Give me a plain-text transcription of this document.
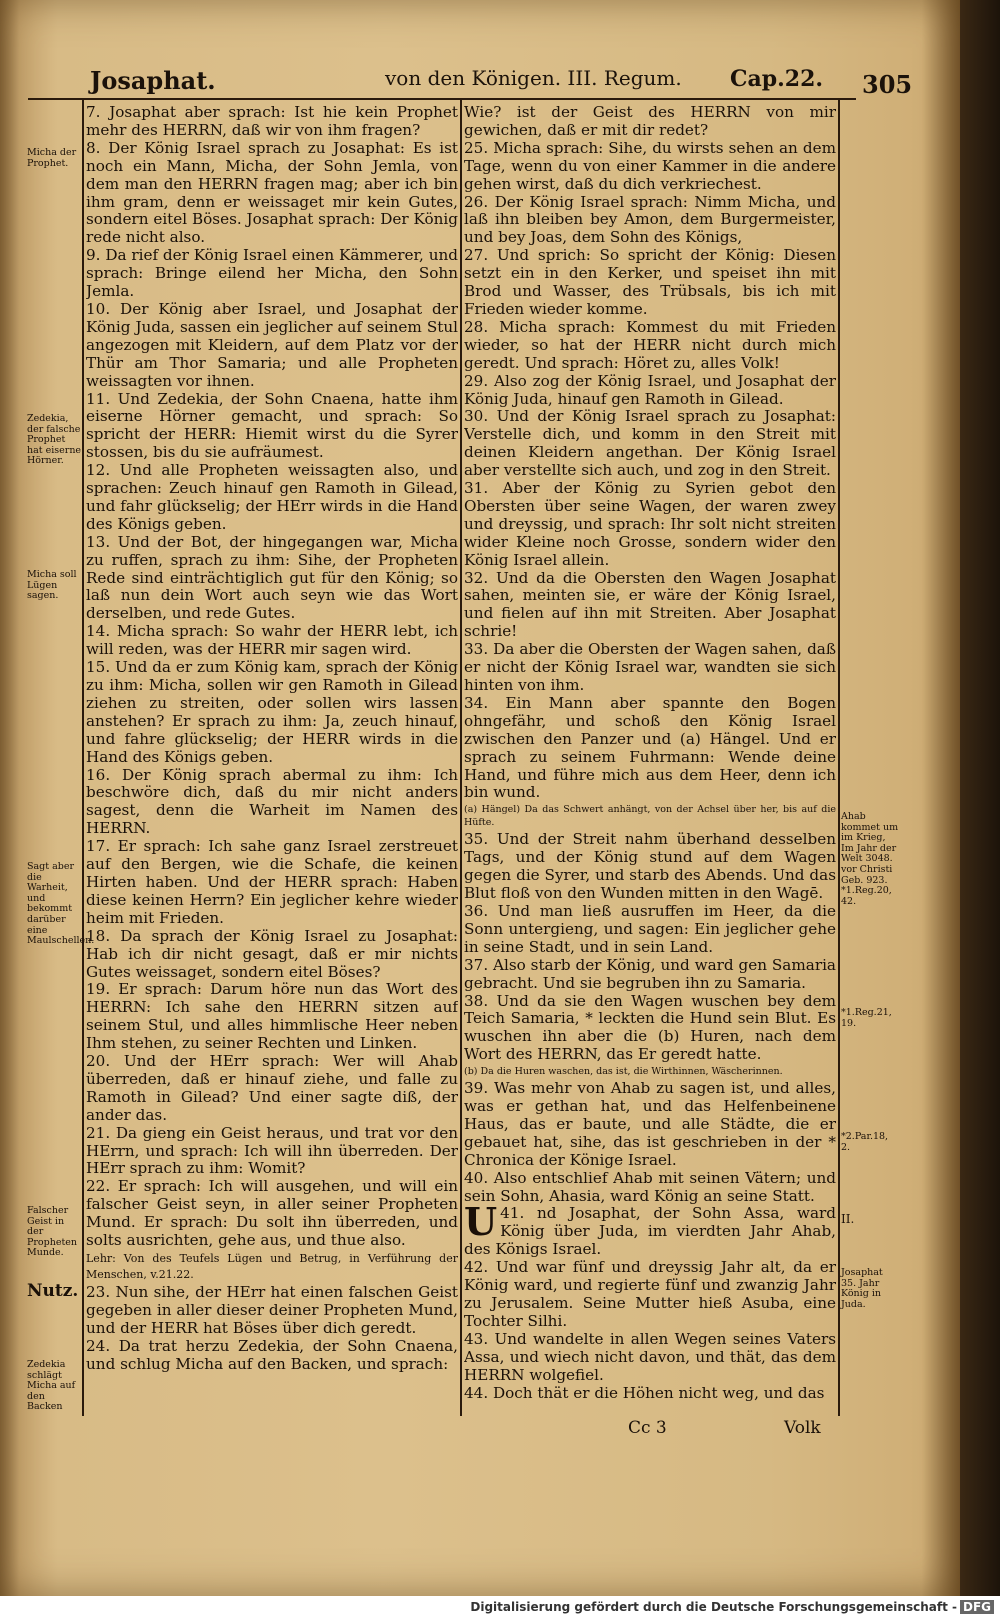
Josaphat.	von den Königen. III. Regum. Cap.22. 305
Micha der Prophet.
Zedekia, der falsche Prophet hat eiserne Hörner.
Micha soll Lügen sagen.
Sagt aber die Warheit, und bekommt darüber eine Maulschellen.
Falscher Geist in der Propheten Munde.
Nutz.
Zedekia schlägt Micha auf den Backen
Ahab kommet um im Krieg, Im Jahr der Welt 3048. vor Christi Geb. 923. *1.Reg.20, 42.
*1.Reg.21, 19.
*2.Par.18, 2.
II.
Josaphat 35. Jahr König in Juda.

7. Josaphat aber sprach: Ist hie kein Prophet mehr des HERRN, daß wir von ihm fragen?

8. Der König Israel sprach zu Josaphat: Es ist noch ein Mann, Micha, der Sohn Jemla, von dem man den HERRN fragen mag; aber ich bin ihm gram, denn er weissaget mir kein Gutes, sondern eitel Böses. Josaphat sprach: Der König rede nicht also.

9. Da rief der König Israel einen Kämmerer, und sprach: Bringe eilend her Micha, den Sohn Jemla.

10. Der König aber Israel, und Josaphat der König Juda, sassen ein jeglicher auf seinem Stul angezogen mit Kleidern, auf dem Platz vor der Thür am Thor Samaria; und alle Propheten weissagten vor ihnen.

11. Und Zedekia, der Sohn Cnaena, hatte ihm eiserne Hörner gemacht, und sprach: So spricht der HERR: Hiemit wirst du die Syrer stossen, bis du sie aufräumest.

12. Und alle Propheten weissagten also, und sprachen: Zeuch hinauf gen Ramoth in Gilead, und fahr glückselig; der HErr wirds in die Hand des Königs geben.

13. Und der Bot, der hingegangen war, Micha zu ruffen, sprach zu ihm: Sihe, der Propheten Rede sind einträchtiglich gut für den König; so laß nun dein Wort auch seyn wie das Wort derselben, und rede Gutes.

14. Micha sprach: So wahr der HERR lebt, ich will reden, was der HERR mir sagen wird.

15. Und da er zum König kam, sprach der König zu ihm: Micha, sollen wir gen Ramoth in Gilead ziehen zu streiten, oder sollen wirs lassen anstehen? Er sprach zu ihm: Ja, zeuch hinauf, und fahre glückselig; der HERR wirds in die Hand des Königs geben.

16. Der König sprach abermal zu ihm: Ich beschwöre dich, daß du mir nicht anders sagest, denn die Warheit im Namen des HERRN.

17. Er sprach: Ich sahe ganz Israel zerstreuet auf den Bergen, wie die Schafe, die keinen Hirten haben. Und der HERR sprach: Haben diese keinen Herrn? Ein jeglicher kehre wieder heim mit Frieden.

18. Da sprach der König Israel zu Josaphat: Hab ich dir nicht gesagt, daß er mir nichts Gutes weissaget, sondern eitel Böses?

19. Er sprach: Darum höre nun das Wort des HERRN: Ich sahe den HERRN sitzen auf seinem Stul, und alles himmlische Heer neben Ihm stehen, zu seiner Rechten und Linken.

20. Und der HErr sprach: Wer will Ahab überreden, daß er hinauf ziehe, und falle zu Ramoth in Gilead? Und einer sagte diß, der ander das.

21. Da gieng ein Geist heraus, und trat vor den HErrn, und sprach: Ich will ihn überreden. Der HErr sprach zu ihm: Womit?

22. Er sprach: Ich will ausgehen, und will ein falscher Geist seyn, in aller seiner Propheten Mund. Er sprach: Du solt ihn überreden, und solts ausrichten, gehe aus, und thue also.

Lehr: Von des Teufels Lügen und Betrug, in Verführung der Menschen, v.21.22.

23. Nun sihe, der HErr hat einen falschen Geist gegeben in aller dieser deiner Propheten Mund, und der HERR hat Böses über dich geredt.

24. Da trat herzu Zedekia, der Sohn Cnaena, und schlug Micha auf den Backen, und sprach:

Wie? ist der Geist des HERRN von mir gewichen, daß er mit dir redet?

25. Micha sprach: Sihe, du wirsts sehen an dem Tage, wenn du von einer Kammer in die andere gehen wirst, daß du dich verkriechest.

26. Der König Israel sprach: Nimm Micha, und laß ihn bleiben bey Amon, dem Burgermeister, und bey Joas, dem Sohn des Königs,

27. Und sprich: So spricht der König: Diesen setzt ein in den Kerker, und speiset ihn mit Brod und Wasser, des Trübsals, bis ich mit Frieden wieder komme.

28. Micha sprach: Kommest du mit Frieden wieder, so hat der HERR nicht durch mich geredt. Und sprach: Höret zu, alles Volk!

29. Also zog der König Israel, und Josaphat der König Juda, hinauf gen Ramoth in Gilead.

30. Und der König Israel sprach zu Josaphat: Verstelle dich, und komm in den Streit mit deinen Kleidern angethan. Der König Israel aber verstellte sich auch, und zog in den Streit.

31. Aber der König zu Syrien gebot den Obersten über seine Wagen, der waren zwey und dreyssig, und sprach: Ihr solt nicht streiten wider Kleine noch Grosse, sondern wider den König Israel allein.

32. Und da die Obersten den Wagen Josaphat sahen, meinten sie, er wäre der König Israel, und fielen auf ihn mit Streiten. Aber Josaphat schrie!

33. Da aber die Obersten der Wagen sahen, daß er nicht der König Israel war, wandten sie sich hinten von ihm.

34. Ein Mann aber spannte den Bogen ohngefähr, und schoß den König Israel zwischen den Panzer und (a) Hängel. Und er sprach zu seinem Fuhrmann: Wende deine Hand, und führe mich aus dem Heer, denn ich bin wund.

(a) Hängel) Da das Schwert anhängt, von der Achsel über her, bis auf die Hüfte.

35. Und der Streit nahm überhand desselben Tags, und der König stund auf dem Wagen gegen die Syrer, und starb des Abends. Und das Blut floß von den Wunden mitten in den Wagē.

36. Und man ließ ausruffen im Heer, da die Sonn untergieng, und sagen: Ein jeglicher gehe in seine Stadt, und in sein Land.

37. Also starb der König, und ward gen Samaria gebracht. Und sie begruben ihn zu Samaria.

38. Und da sie den Wagen wuschen bey dem Teich Samaria, * leckten die Hund sein Blut. Es wuschen ihn aber die (b) Huren, nach dem Wort des HERRN, das Er geredt hatte.

(b) Da die Huren waschen, das ist, die Wirthinnen, Wäscherinnen.

39. Was mehr von Ahab zu sagen ist, und alles, was er gethan hat, und das Helfenbeinene Haus, das er baute, und alle Städte, die er gebauet hat, sihe, das ist geschrieben in der * Chronica der Könige Israel.

40. Also entschlief Ahab mit seinen Vätern; und sein Sohn, Ahasia, ward König an seine Statt.

U 41. nd Josaphat, der Sohn Assa, ward König über Juda, im vierdten Jahr Ahab, des Königs Israel.

42. Und war fünf und dreyssig Jahr alt, da er König ward, und regierte fünf und zwanzig Jahr zu Jerusalem. Seine Mutter hieß Asuba, eine Tochter Silhi.

43. Und wandelte in allen Wegen seines Vaters Assa, und wiech nicht davon, und thät, das dem HERRN wolgefiel.

44. Doch thät er die Höhen nicht weg, und das

Cc 3	Volk
Digitalisierung gefördert durch die Deutsche Forschungsgemeinschaft - DFG
